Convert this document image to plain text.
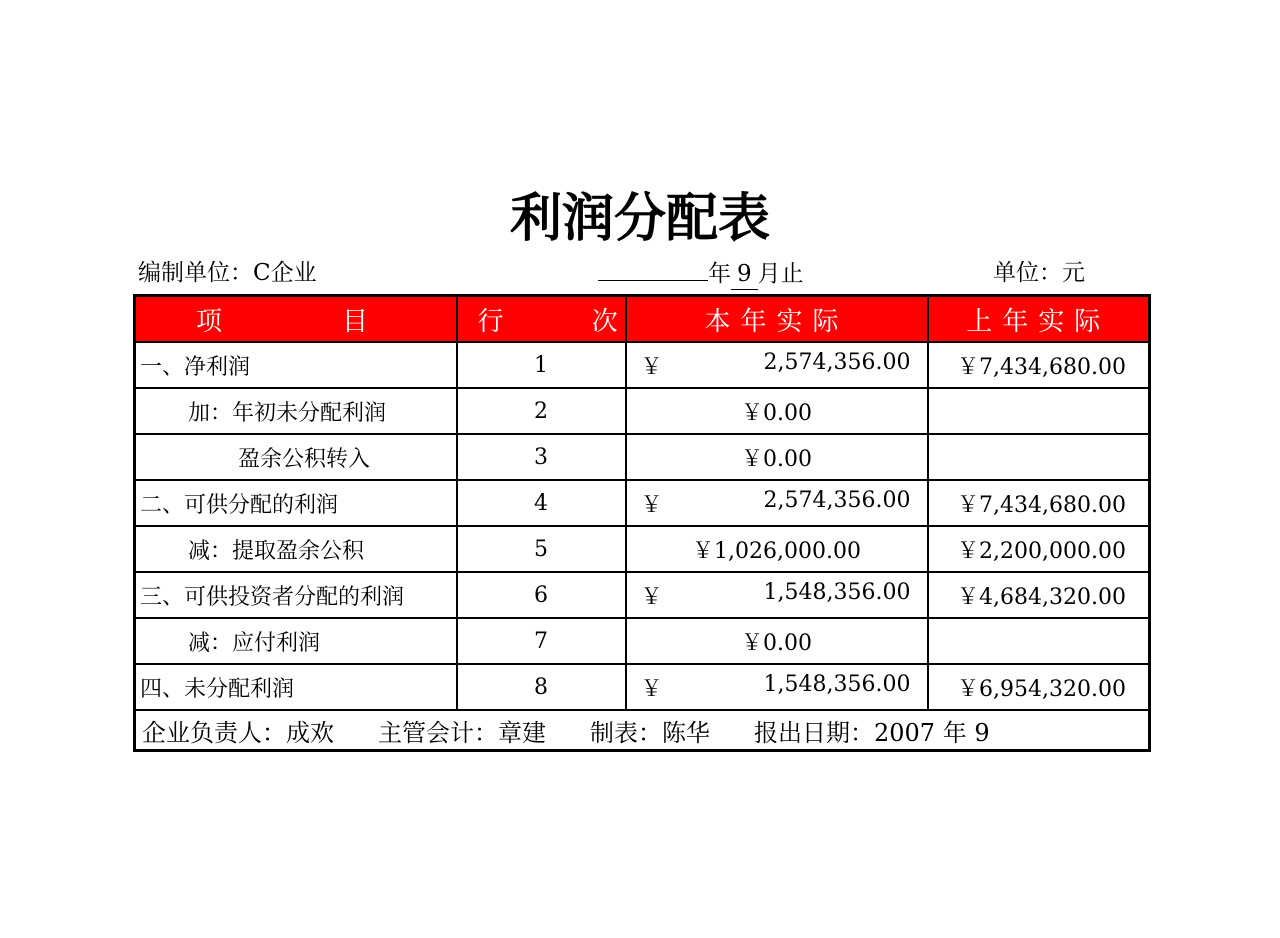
利润分配表
编制单位：C企业	年 9 月止	单位：元
项 目	行 次	本年实际	上年实际
一、净利润	1	￥ 2,574,356.00	￥7,434,680.00
加：年初未分配利润	2	￥0.00	
盈余公积转入	3	￥0.00	
二、可供分配的利润	4	￥ 2,574,356.00	￥7,434,680.00
减：提取盈余公积	5	￥1,026,000.00	￥2,200,000.00
三、可供投资者分配的利润	6	￥ 1,548,356.00	￥4,684,320.00
减：应付利润	7	￥0.00	
四、未分配利润	8	￥ 1,548,356.00	￥6,954,320.00
企业负责人：成欢 主管会计：章建 制表：陈华 报出日期：2007 年 9			
